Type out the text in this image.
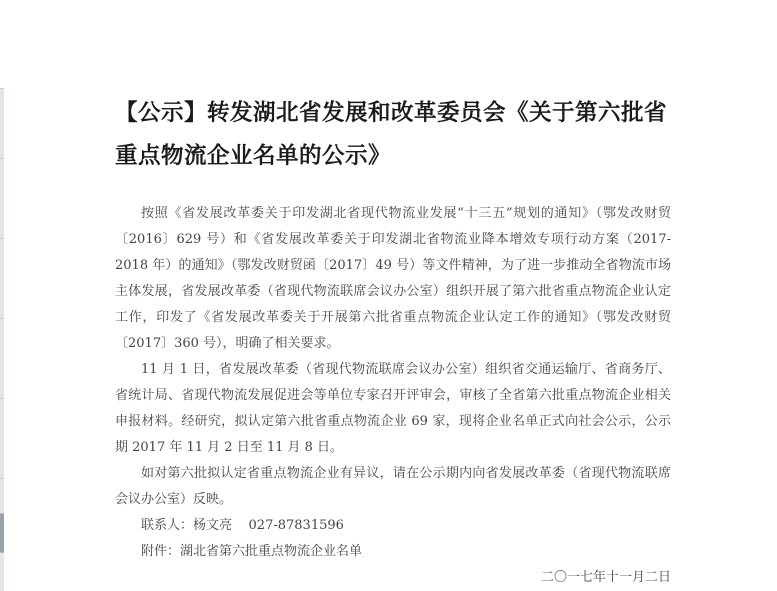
【公示】转发湖北省发展和改革委员会《关于第六批省重点物流企业名单的公示》

按照《省发展改革委关于印发湖北省现代物流业发展“十三五”规划的通知》（鄂发改财贸〔2016〕629 号）和《省发展改革委关于印发湖北省物流业降本增效专项行动方案（2017-2018 年）的通知》（鄂发改财贸函〔2017〕49 号）等文件精神，为了进一步推动全省物流市场主体发展，省发展改革委（省现代物流联席会议办公室）组织开展了第六批省重点物流企业认定工作，印发了《省发展改革委关于开展第六批省重点物流企业认定工作的通知》（鄂发改财贸〔2017〕360 号），明确了相关要求。

11 月 1 日，省发展改革委（省现代物流联席会议办公室）组织省交通运输厅、省商务厅、省统计局、省现代物流发展促进会等单位专家召开评审会，审核了全省第六批重点物流企业相关申报材料。经研究，拟认定第六批省重点物流企业 69 家，现将企业名单正式向社会公示，公示期 2017 年 11 月 2 日至 11 月 8 日。

如对第六批拟认定省重点物流企业有异议，请在公示期内向省发展改革委（省现代物流联席会议办公室）反映。

联系人：杨文亮    027-87831596

附件：湖北省第六批重点物流企业名单

二〇一七年十一月二日
